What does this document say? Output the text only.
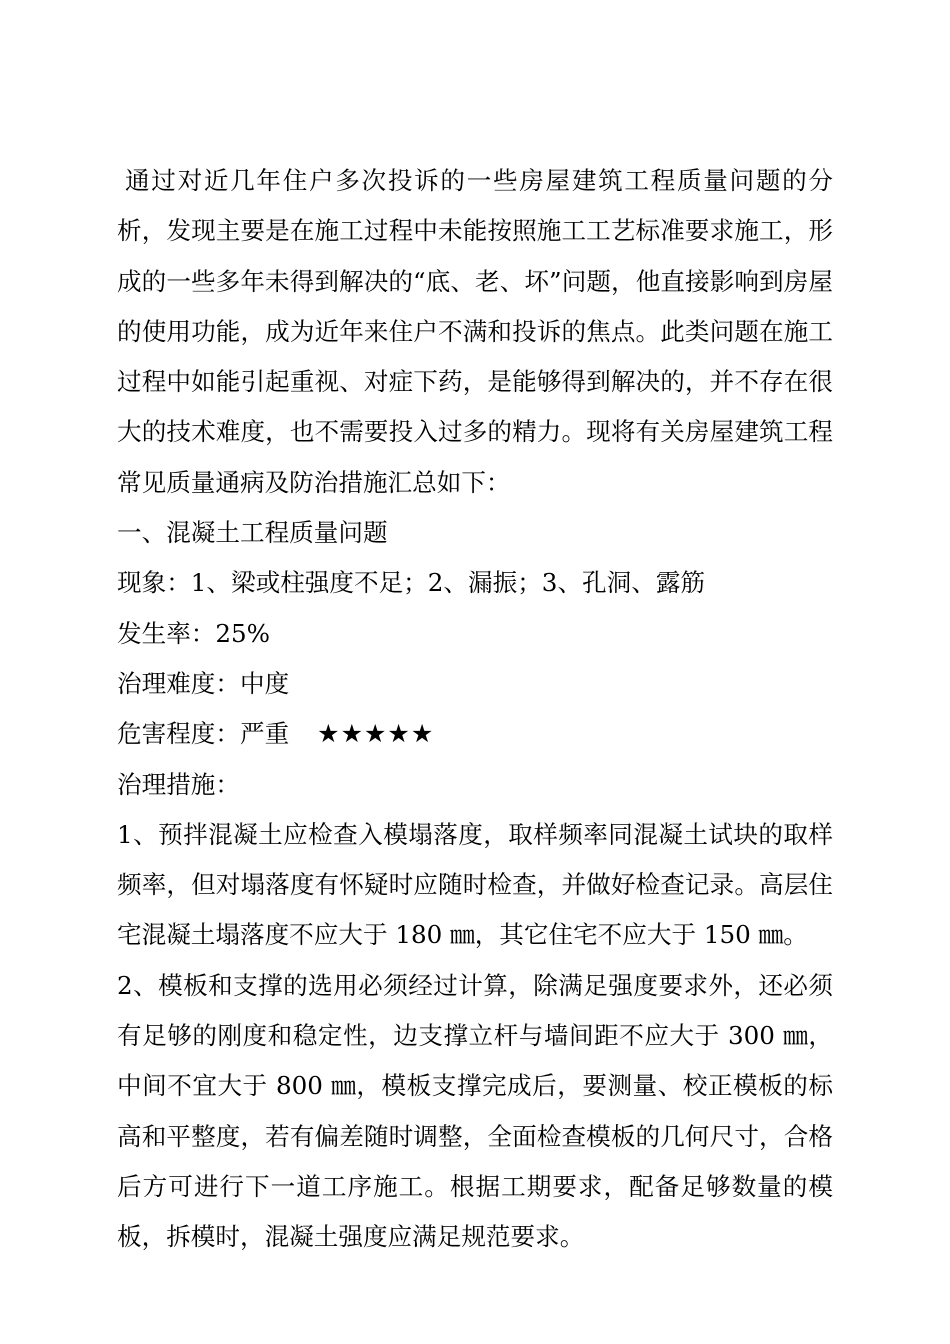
通过对近几年住户多次投诉的一些房屋建筑工程质量问题的分析，发现主要是在施工过程中未能按照施工工艺标准要求施工，形成的一些多年未得到解决的“底、老、坏”问题，他直接影响到房屋的使用功能，成为近年来住户不满和投诉的焦点。此类问题在施工过程中如能引起重视、对症下药，是能够得到解决的，并不存在很大的技术难度，也不需要投入过多的精力。现将有关房屋建筑工程常见质量通病及防治措施汇总如下：

一、混凝土工程质量问题

现象：1、梁或柱强度不足；2、漏振；3、孔洞、露筋

发生率：25%

治理难度：中度

危害程度：严重 ★★★★★

治理措施：

1、预拌混凝土应检查入模塌落度，取样频率同混凝土试块的取样频率，但对塌落度有怀疑时应随时检查，并做好检查记录。高层住宅混凝土塌落度不应大于 180 ㎜，其它住宅不应大于 150 ㎜。

2、模板和支撑的选用必须经过计算，除满足强度要求外，还必须有足够的刚度和稳定性，边支撑立杆与墙间距不应大于 300 ㎜，中间不宜大于 800 ㎜，模板支撑完成后，要测量、校正模板的标高和平整度，若有偏差随时调整，全面检查模板的几何尺寸，合格后方可进行下一道工序施工。根据工期要求，配备足够数量的模板，拆模时，混凝土强度应满足规范要求。
